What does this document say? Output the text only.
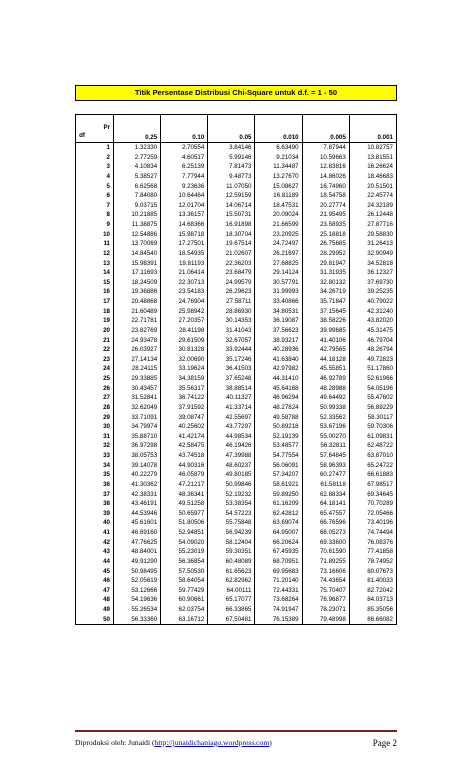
Titik Persentase Distribusi Chi-Square untuk d.f. = 1 - 50
Pr	0.25	0.10	0.05	0.010	0.005	0.001
df						
1	1.32330	2.70554	3.84146	6.63490	7.87944	10.82757
2	2.77259	4.60517	5.99146	9.21034	10.59663	13.81551
3	4.10834	6.25139	7.81473	11.34487	12.83816	16.26624
4	5.38527	7.77944	9.48773	13.27670	14.86026	18.46683
5	6.62568	9.23636	11.07050	15.08627	16.74960	20.51501
6	7.84080	10.64464	12.59159	16.81189	18.54758	22.45774
7	9.03715	12.01704	14.06714	18.47531	20.27774	24.32189
8	10.21885	13.36157	15.50731	20.09024	21.95495	26.12448
9	11.38875	14.68366	16.91898	21.66599	23.58935	27.87716
10	12.54886	15.98718	18.30704	23.20925	25.18818	29.58830
11	13.70069	17.27501	19.67514	24.72497	26.75685	31.26413
12	14.84540	18.54935	21.02607	26.21697	28.29952	32.90949
13	15.98391	19.81193	22.36203	27.68825	29.81947	34.52818
14	17.11693	21.06414	23.68479	29.14124	31.31935	36.12327
15	18.24509	22.30713	24.99579	30.57791	32.80132	37.69730
16	19.36886	23.54183	26.29623	31.99993	34.26719	39.25235
17	20.48868	24.76904	27.58711	33.40866	35.71847	40.79022
18	21.60489	25.98942	28.86930	34.80531	37.15645	42.31240
19	22.71781	27.20357	30.14353	36.19087	38.58226	43.82020
20	23.82769	28.41198	31.41043	37.56623	39.99685	45.31475
21	24.93478	29.61509	32.67057	38.93217	41.40106	46.79704
22	26.03927	30.81328	33.92444	40.28936	42.79565	48.26794
23	27.14134	32.00690	35.17246	41.63840	44.18128	49.72823
24	28.24115	33.19624	36.41503	42.97982	45.55851	51.17860
25	29.33885	34.38159	37.65248	44.31410	46.92789	52.61966
26	30.43457	35.56317	38.88514	45.64168	48.28988	54.05196
27	31.52841	36.74122	40.11327	46.96294	49.64492	55.47602
28	32.62049	37.91592	41.33714	48.27824	50.99338	56.89229
29	33.71091	39.08747	42.55697	49.58788	52.33562	58.30117
30	34.79974	40.25602	43.77297	50.89218	53.67196	59.70306
31	35.88710	41.42174	44.98534	52.19139	55.00270	61.09831
32	36.97298	42.58475	46.19426	53.48577	56.32811	62.48722
33	38.05753	43.74518	47.39988	54.77554	57.64845	63.87010
34	39.14078	44.90316	48.60237	56.06091	58.96393	65.24722
35	40.22279	46.05879	49.80185	57.34207	60.27477	66.61883
36	41.30362	47.21217	50.99846	58.61921	61.58118	67.98517
37	42.38331	48.36341	52.19232	59.89250	62.88334	69.34645
38	43.46191	49.51258	53.38354	61.16209	64.18141	70.70289
39	44.53946	50.65977	54.57223	62.42812	65.47557	72.05466
40	45.61601	51.80506	55.75848	63.69074	66.76596	73.40196
41	46.69160	52.94851	56.94239	64.95007	68.05273	74.74494
42	47.76625	54.09020	58.12404	66.20624	69.33600	76.08376
43	48.84001	55.23019	59.30351	67.45935	70.61590	77.41858
44	49.91290	56.36854	60.48089	68.70951	71.89255	78.74952
45	50.98495	57.50530	61.65623	69.95683	73.16606	80.07673
46	52.05619	58.64054	62.82962	71.20140	74.43654	81.40033
47	53.12666	59.77429	64.00111	72.44331	75.70407	82.72042
48	54.19636	60.90661	65.17077	73.68264	76.96877	84.03713
49	55.26534	62.03754	66.33865	74.91947	78.23071	85.35056
50	56.33360	63.16712	67.50481	76.15389	79.48998	86.66082
Diproduksi oleh: Junaidi (http://junaidichaniago.wordpress.com)	Page 2
